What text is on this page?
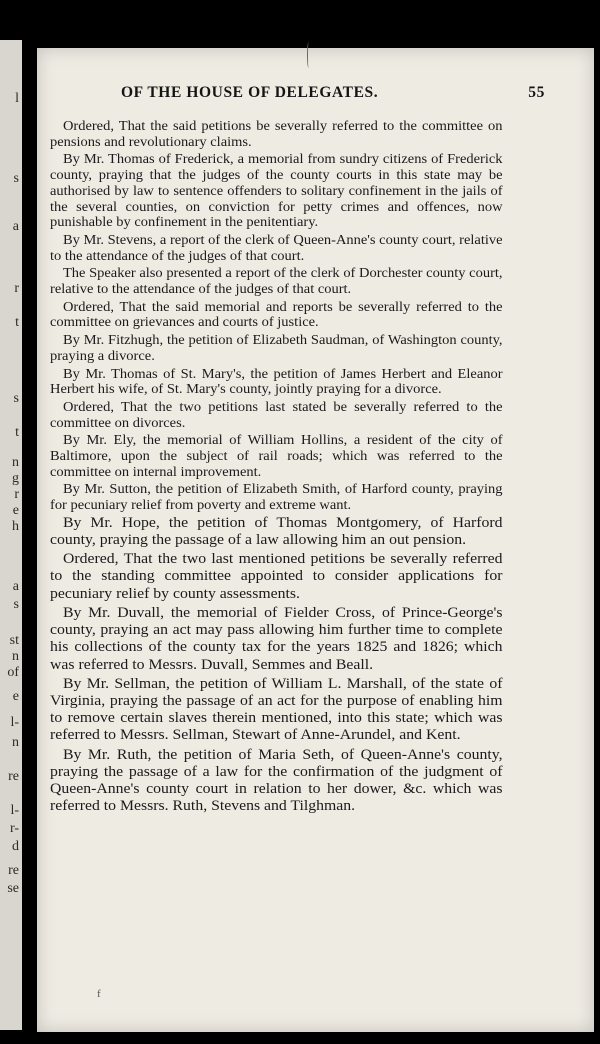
l
s
a
r
t
s
t
n
g
r
e
h
a
s
st
n
of
e
l-
n
re
l-
r-
d
re
se
OF THE HOUSE OF DELEGATES.	55

Ordered, That the said petitions be severally referred to the committee on pensions and revolutionary claims.

By Mr. Thomas of Frederick, a memorial from sundry citizens of Frederick county, praying that the judges of the county courts in this state may be authorised by law to sentence offenders to solitary confinement in the jails of the several counties, on conviction for petty crimes and offences, now punishable by confinement in the penitentiary.

By Mr. Stevens, a report of the clerk of Queen-Anne's county court, relative to the attendance of the judges of that court.

The Speaker also presented a report of the clerk of Dorchester county court, relative to the attendance of the judges of that court.

Ordered, That the said memorial and reports be severally referred to the committee on grievances and courts of justice.

By Mr. Fitzhugh, the petition of Elizabeth Saudman, of Washington county, praying a divorce.

By Mr. Thomas of St. Mary's, the petition of James Herbert and Eleanor Herbert his wife, of St. Mary's county, jointly praying for a divorce.

Ordered, That the two petitions last stated be severally referred to the committee on divorces.

By Mr. Ely, the memorial of William Hollins, a resident of the city of Baltimore, upon the subject of rail roads; which was referred to the committee on internal improvement.

By Mr. Sutton, the petition of Elizabeth Smith, of Harford county, praying for pecuniary relief from poverty and extreme want.

By Mr. Hope, the petition of Thomas Montgomery, of Harford county, praying the passage of a law allowing him an out pension.

Ordered, That the two last mentioned petitions be severally referred to the standing committee appointed to consider applications for pecuniary relief by county assessments.

By Mr. Duvall, the memorial of Fielder Cross, of Prince-George's county, praying an act may pass allowing him further time to complete his collections of the county tax for the years 1825 and 1826; which was referred to Messrs. Duvall, Semmes and Beall.

By Mr. Sellman, the petition of William L. Marshall, of the state of Virginia, praying the passage of an act for the purpose of enabling him to remove certain slaves therein mentioned, into this state; which was referred to Messrs. Sellman, Stewart of Anne-Arundel, and Kent.

By Mr. Ruth, the petition of Maria Seth, of Queen-Anne's county, praying the passage of a law for the confirmation of the judgment of Queen-Anne's county court in relation to her dower, &c. which was referred to Messrs. Ruth, Stevens and Tilghman.

f
